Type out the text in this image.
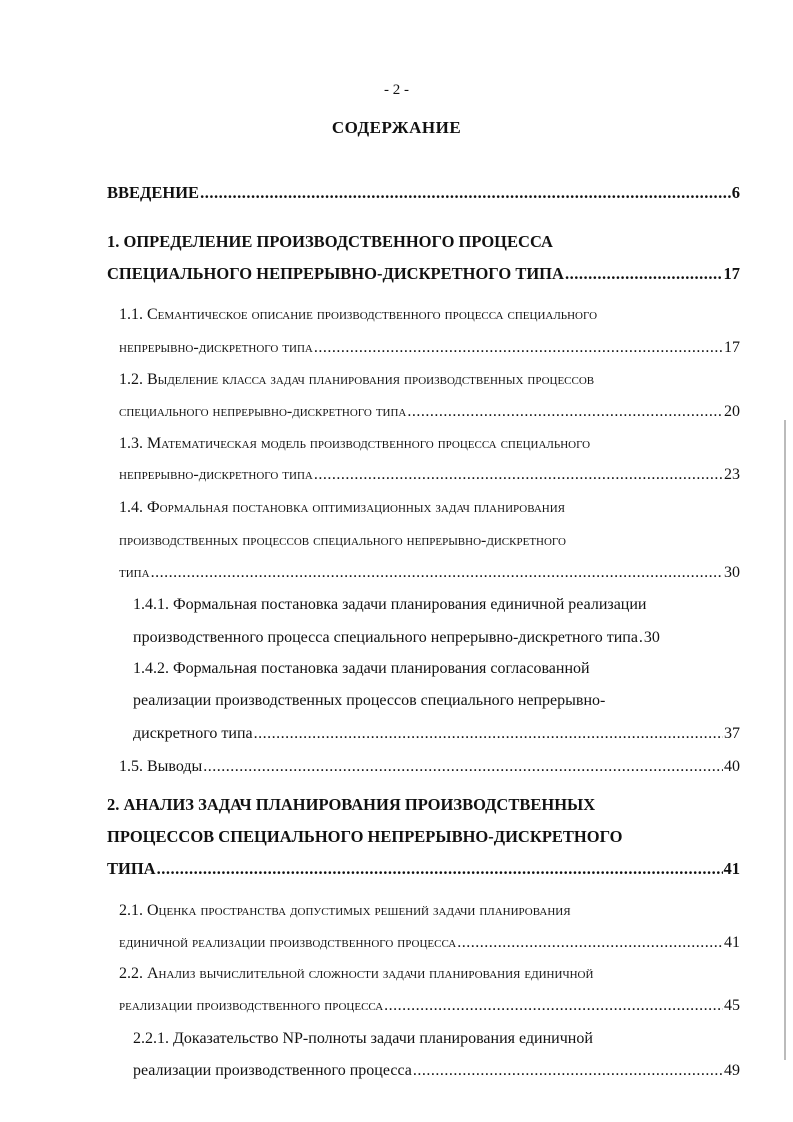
- 2 -
СОДЕРЖАНИЕ
ВВЕДЕНИЕ .....	6
1. ОПРЕДЕЛЕНИЕ ПРОИЗВОДСТВЕННОГО ПРОЦЕССА
СПЕЦИАЛЬНОГО НЕПРЕРЫВНО-ДИСКРЕТНОГО ТИПА .....	17
1.1. Семантическое описание производственного процесса специального
непрерывно-дискретного типа .....	17
1.2. Выделение класса задач планирования производственных процессов
специального непрерывно-дискретного типа .....	20
1.3. Математическая модель производственного процесса специального
непрерывно-дискретного типа .....	23
1.4. Формальная постановка оптимизационных задач планирования
производственных процессов специального непрерывно-дискретного
типа .....	30
1.4.1. Формальная постановка задачи планирования единичной реализации
производственного процесса специального непрерывно-дискретного типа ..... 30
1.4.2. Формальная постановка задачи планирования согласованной
реализации производственных процессов специального непрерывно-
дискретного типа .....	37
1.5. Выводы .....	40
2. АНАЛИЗ ЗАДАЧ ПЛАНИРОВАНИЯ ПРОИЗВОДСТВЕННЫХ
ПРОЦЕССОВ СПЕЦИАЛЬНОГО НЕПРЕРЫВНО-ДИСКРЕТНОГО
ТИПА .....	41
2.1. Оценка пространства допустимых решений задачи планирования
единичной реализации производственного процесса .....	41
2.2. Анализ вычислительной сложности задачи планирования единичной
реализации производственного процесса .....	45
2.2.1. Доказательство NP-полноты задачи планирования единичной
реализации производственного процесса .....	49
